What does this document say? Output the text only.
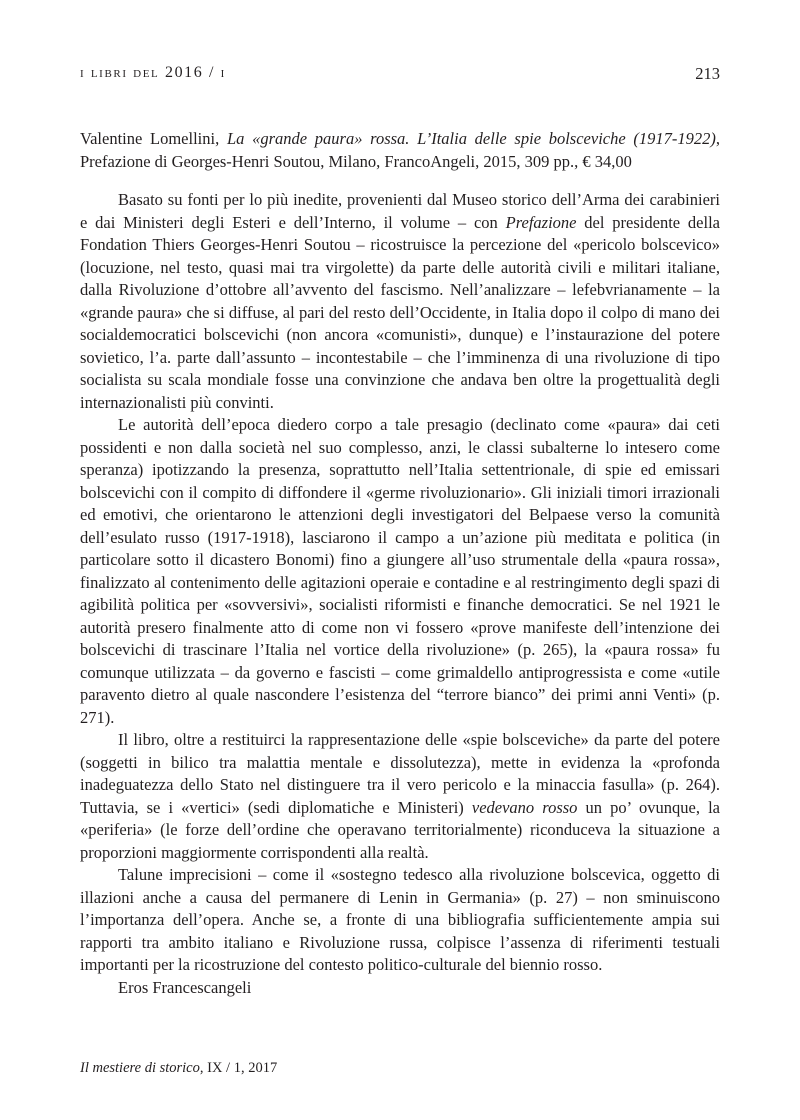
i libri del 2016 / i	213
Valentine Lomellini, La «grande paura» rossa. L’Italia delle spie bolsceviche (1917-1922), Prefazione di Georges-Henri Soutou, Milano, FrancoAngeli, 2015, 309 pp., € 34,00

Basato su fonti per lo più inedite, provenienti dal Museo storico dell’Arma dei carabinieri e dai Ministeri degli Esteri e dell’Interno, il volume – con Prefazione del presidente della Fondation Thiers Georges-Henri Soutou – ricostruisce la percezione del «pericolo bolscevico» (locuzione, nel testo, quasi mai tra virgolette) da parte delle autorità civili e militari italiane, dalla Rivoluzione d’ottobre all’avvento del fascismo. Nell’analizzare – lefebvrianamente – la «grande paura» che si diffuse, al pari del resto dell’Occidente, in Italia dopo il colpo di mano dei socialdemocratici bolscevichi (non ancora «comunisti», dunque) e l’instaurazione del potere sovietico, l’a. parte dall’assunto – incontestabile – che l’imminenza di una rivoluzione di tipo socialista su scala mondiale fosse una convinzione che andava ben oltre la progettualità degli internazionalisti più convinti.

Le autorità dell’epoca diedero corpo a tale presagio (declinato come «paura» dai ceti possidenti e non dalla società nel suo complesso, anzi, le classi subalterne lo intesero come speranza) ipotizzando la presenza, soprattutto nell’Italia settentrionale, di spie ed emissari bolscevichi con il compito di diffondere il «germe rivoluzionario». Gli iniziali timori irrazionali ed emotivi, che orientarono le attenzioni degli investigatori del Belpaese verso la comunità dell’esulato russo (1917-1918), lasciarono il campo a un’azione più meditata e politica (in particolare sotto il dicastero Bonomi) fino a giungere all’uso strumentale della «paura rossa», finalizzato al contenimento delle agitazioni operaie e contadine e al restringimento degli spazi di agibilità politica per «sovversivi», socialisti riformisti e finanche democratici. Se nel 1921 le autorità presero finalmente atto di come non vi fossero «prove manifeste dell’intenzione dei bolscevichi di trascinare l’Italia nel vortice della rivoluzione» (p. 265), la «paura rossa» fu comunque utilizzata – da governo e fascisti – come grimaldello antiprogressista e come «utile paravento dietro al quale nascondere l’esistenza del “terrore bianco” dei primi anni Venti» (p. 271).

Il libro, oltre a restituirci la rappresentazione delle «spie bolsceviche» da parte del potere (soggetti in bilico tra malattia mentale e dissolutezza), mette in evidenza la «profonda inadeguatezza dello Stato nel distinguere tra il vero pericolo e la minaccia fasulla» (p. 264). Tuttavia, se i «vertici» (sedi diplomatiche e Ministeri) vedevano rosso un po’ ovunque, la «periferia» (le forze dell’ordine che operavano territorialmente) riconduceva la situazione a proporzioni maggiormente corrispondenti alla realtà.

Talune imprecisioni – come il «sostegno tedesco alla rivoluzione bolscevica, oggetto di illazioni anche a causa del permanere di Lenin in Germania» (p. 27) – non sminuiscono l’importanza dell’opera. Anche se, a fronte di una bibliografia sufficientemente ampia sui rapporti tra ambito italiano e Rivoluzione russa, colpisce l’assenza di riferimenti testuali importanti per la ricostruzione del contesto politico-culturale del biennio rosso.

Eros Francescangeli

Il mestiere di storico, IX / 1, 2017
